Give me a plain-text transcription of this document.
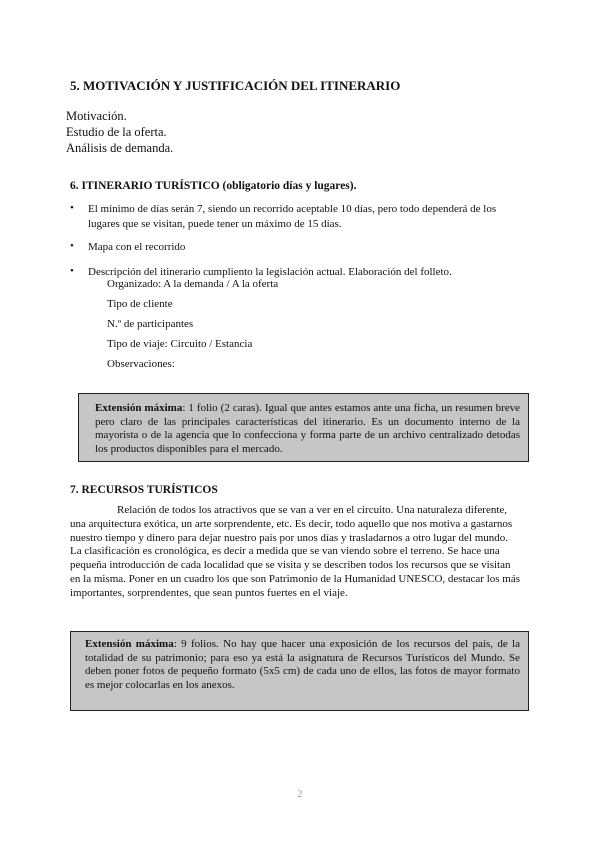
5. MOTIVACIÓN Y JUSTIFICACIÓN DEL ITINERARIO
Motivación.
Estudio de la oferta.
Análisis de demanda.
6. ITINERARIO TURÍSTICO (obligatorio días y lugares).
• El mínimo de días serán 7, siendo un recorrido aceptable 10 días, pero todo dependerá de los lugares que se visitan, puede tener un máximo de 15 días.
• Mapa con el recorrido
• Descripción del itinerario cumpliento la legislación actual. Elaboración del folleto.
Organizado: A la demanda / A la oferta
Tipo de cliente
N.º de participantes
Tipo de viaje: Circuito / Estancia
Observaciones:
Extensión máxima: 1 folio (2 caras). Igual que antes estamos ante una ficha, un resumen breve pero claro de las principales características del itinerario. Es un documento interno de la mayorista o de la agencia que lo confecciona y forma parte de un archivo centralizado detodas los productos disponibles para el mercado.
7. RECURSOS TURÍSTICOS
Relación de todos los atractivos que se van a ver en el circuito. Una naturaleza diferente, una arquitectura exótica, un arte sorprendente, etc. Es decir, todo aquello que nos motiva a gastarnos nuestro tiempo y dinero para dejar nuestro país por unos días y trasladarnos a otro lugar del mundo. La clasificación es cronológica, es decir a medida que se van viendo sobre el terreno. Se hace una pequeña introducción de cada localidad que se visita y se describen todos los recursos que se visitan en la misma. Poner en un cuadro los que son Patrimonio de la Humanidad UNESCO, destacar los más importantes, sorprendentes, que sean puntos fuertes en el viaje.
Extensión máxima: 9 folios. No hay que hacer una exposición de los recursos del país, de la totalidad de su patrimonio; para eso ya está la asignatura de Recursos Turísticos del Mundo. Se deben poner fotos de pequeño formato (5x5 cm) de cada uno de ellos, las fotos de mayor formato es mejor colocarlas en los anexos.
2
